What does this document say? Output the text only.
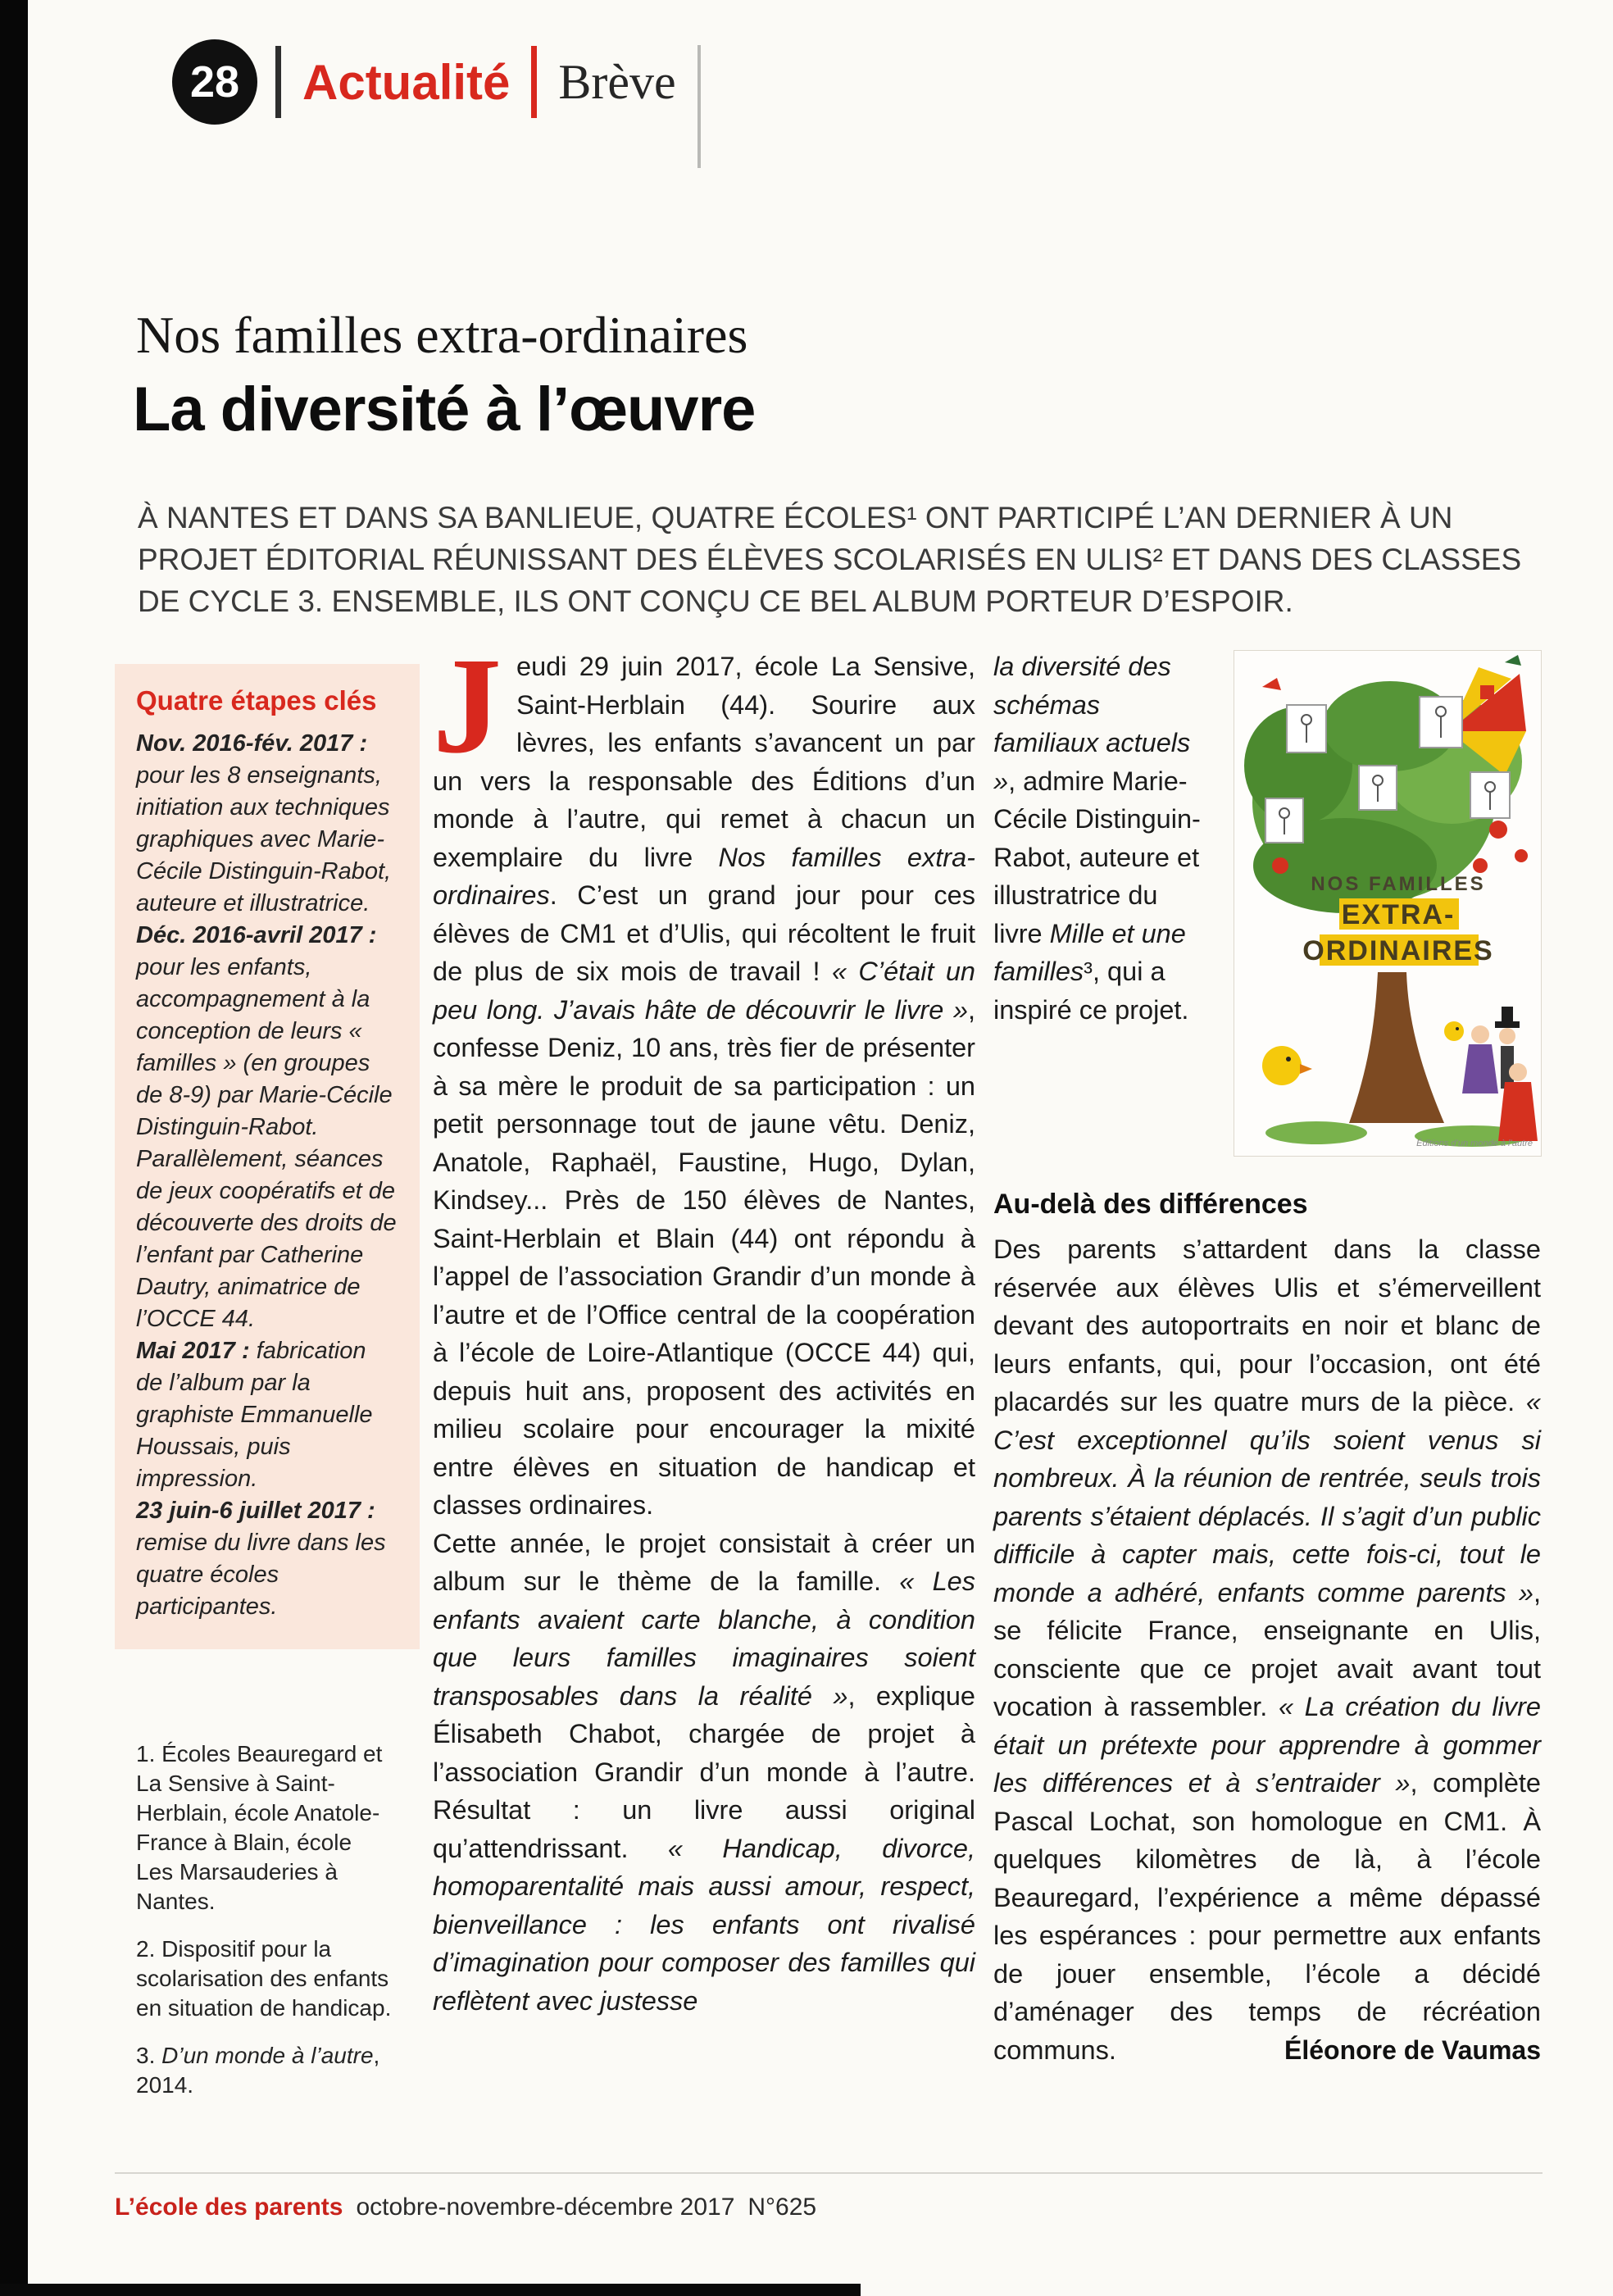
28 Actualité Brève
Nos familles extra-ordinaires
La diversité à l’œuvre

À NANTES ET DANS SA BANLIEUE, QUATRE ÉCOLES¹ ONT PARTICIPÉ L’AN DERNIER À UN PROJET ÉDITORIAL RÉUNISSANT DES ÉLÈVES SCOLARISÉS EN ULIS² ET DANS DES CLASSES DE CYCLE 3. ENSEMBLE, ILS ONT CONÇU CE BEL ALBUM PORTEUR D’ESPOIR.

Quatre étapes clés

Nov. 2016-fév. 2017 : pour les 8 enseignants, initiation aux techniques graphiques avec Marie-Cécile Distinguin-Rabot, auteure et illustratrice.

Déc. 2016-avril 2017 : pour les enfants, accompagnement à la conception de leurs « familles » (en groupes de 8-9) par Marie-Cécile Distinguin-Rabot. Parallèlement, séances de jeux coopératifs et de découverte des droits de l’enfant par Catherine Dautry, animatrice de l’OCCE 44.

Mai 2017 : fabrication de l’album par la graphiste Emmanuelle Houssais, puis impression.

23 juin-6 juillet 2017 : remise du livre dans les quatre écoles participantes.

1. Écoles Beauregard et La Sensive à Saint-Herblain, école Anatole-France à Blain, école Les Marsauderies à Nantes.

2. Dispositif pour la scolarisation des enfants en situation de handicap.

3. D’un monde à l’autre, 2014.

Jeudi 29 juin 2017, école La Sensive, Saint-Herblain (44). Sourire aux lèvres, les enfants s’avancent un par un vers la responsable des Éditions d’un monde à l’autre, qui remet à chacun un exemplaire du livre Nos familles extra-ordinaires. C’est un grand jour pour ces élèves de CM1 et d’Ulis, qui récoltent le fruit de plus de six mois de travail ! « C’était un peu long. J’avais hâte de découvrir le livre », confesse Deniz, 10 ans, très fier de présenter à sa mère le produit de sa participation : un petit personnage tout de jaune vêtu. Deniz, Anatole, Raphaël, Faustine, Hugo, Dylan, Kindsey... Près de 150 élèves de Nantes, Saint-Herblain et Blain (44) ont répondu à l’appel de l’association Grandir d’un monde à l’autre et de l’Office central de la coopération à l’école de Loire-Atlantique (OCCE 44) qui, depuis huit ans, proposent des activités en milieu scolaire pour encourager la mixité entre élèves en situation de handicap et classes ordinaires.

Cette année, le projet consistait à créer un album sur le thème de la famille. « Les enfants avaient carte blanche, à condition que leurs familles imaginaires soient transposables dans la réalité », explique Élisabeth Chabot, chargée de projet à l’association Grandir d’un monde à l’autre. Résultat : un livre aussi original qu’attendrissant. « Handicap, divorce, homoparentalité mais aussi amour, respect, bienveillance : les enfants ont rivalisé d’imagination pour composer des familles qui reflètent avec justesse

la diversité des schémas familiaux actuels », admire Marie-Cécile Distinguin-Rabot, auteure et illustratrice du livre Mille et une familles³, qui a inspiré ce projet.

NOS FAMILLES
EXTRA-
ORDINAIRES
Éditions d’un monde à l’autre
Au-delà des différences

Des parents s’attardent dans la classe réservée aux élèves Ulis et s’émerveillent devant des autoportraits en noir et blanc de leurs enfants, qui, pour l’occasion, ont été placardés sur les quatre murs de la pièce. « C’est exceptionnel qu’ils soient venus si nombreux. À la réunion de rentrée, seuls trois parents s’étaient déplacés. Il s’agit d’un public difficile à capter mais, cette fois-ci, tout le monde a adhéré, enfants comme parents », se félicite France, enseignante en Ulis, consciente que ce projet avait avant tout vocation à rassembler. « La création du livre était un prétexte pour apprendre à gommer les différences et à s’entraider », complète Pascal Lochat, son homologue en CM1. À quelques kilomètres de là, à l’école Beauregard, l’expérience a même dépassé les espérances : pour permettre aux enfants de jouer ensemble, l’école a décidé d’aménager des temps de récréation communs.	Éléonore de Vaumas

L’école des parents octobre-novembre-décembre 2017 N°625
